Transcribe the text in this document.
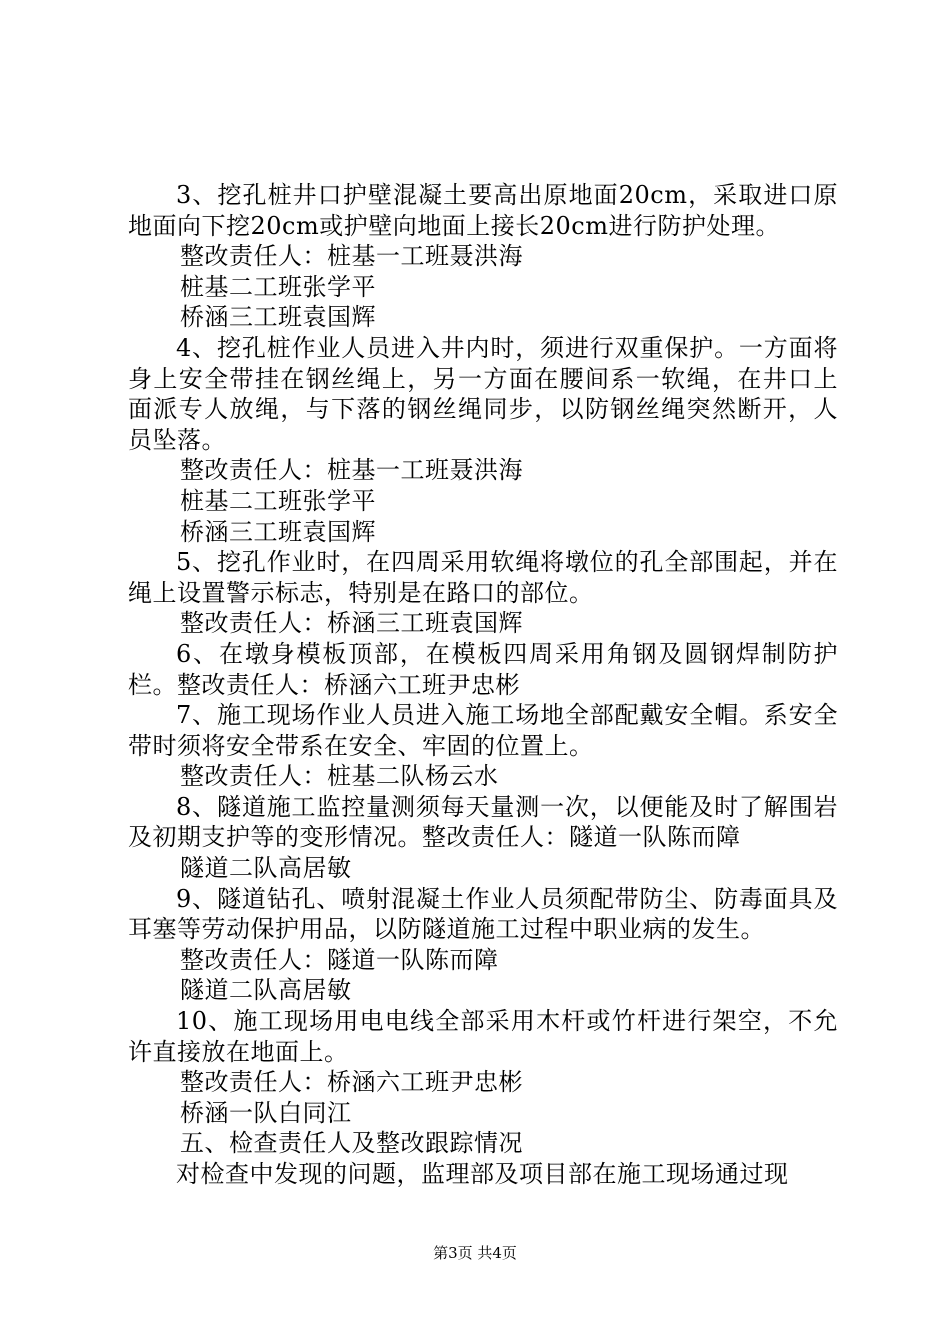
3、挖孔桩井口护壁混凝土要高出原地面20cm，采取进口原地面向下挖20cm或护壁向地面上接长20cm进行防护处理。

整改责任人：桩基一工班聂洪海

桩基二工班张学平

桥涵三工班袁国辉

4、挖孔桩作业人员进入井内时，须进行双重保护。一方面将身上安全带挂在钢丝绳上，另一方面在腰间系一软绳，在井口上面派专人放绳，与下落的钢丝绳同步，以防钢丝绳突然断开，人员坠落。

整改责任人：桩基一工班聂洪海

桩基二工班张学平

桥涵三工班袁国辉

5、挖孔作业时，在四周采用软绳将墩位的孔全部围起，并在绳上设置警示标志，特别是在路口的部位。

整改责任人：桥涵三工班袁国辉

6、在墩身模板顶部，在模板四周采用角钢及圆钢焊制防护栏。整改责任人：桥涵六工班尹忠彬

7、施工现场作业人员进入施工场地全部配戴安全帽。系安全带时须将安全带系在安全、牢固的位置上。

整改责任人：桩基二队杨云水

8、隧道施工监控量测须每天量测一次，以便能及时了解围岩及初期支护等的变形情况。整改责任人：隧道一队陈而障

隧道二队高居敏

9、隧道钻孔、喷射混凝土作业人员须配带防尘、防毒面具及耳塞等劳动保护用品，以防隧道施工过程中职业病的发生。

整改责任人：隧道一队陈而障

隧道二队高居敏

10、施工现场用电电线全部采用木杆或竹杆进行架空，不允许直接放在地面上。

整改责任人：桥涵六工班尹忠彬

桥涵一队白同江

五、检查责任人及整改跟踪情况

对检查中发现的问题，监理部及项目部在施工现场通过现

第3页 共4页
